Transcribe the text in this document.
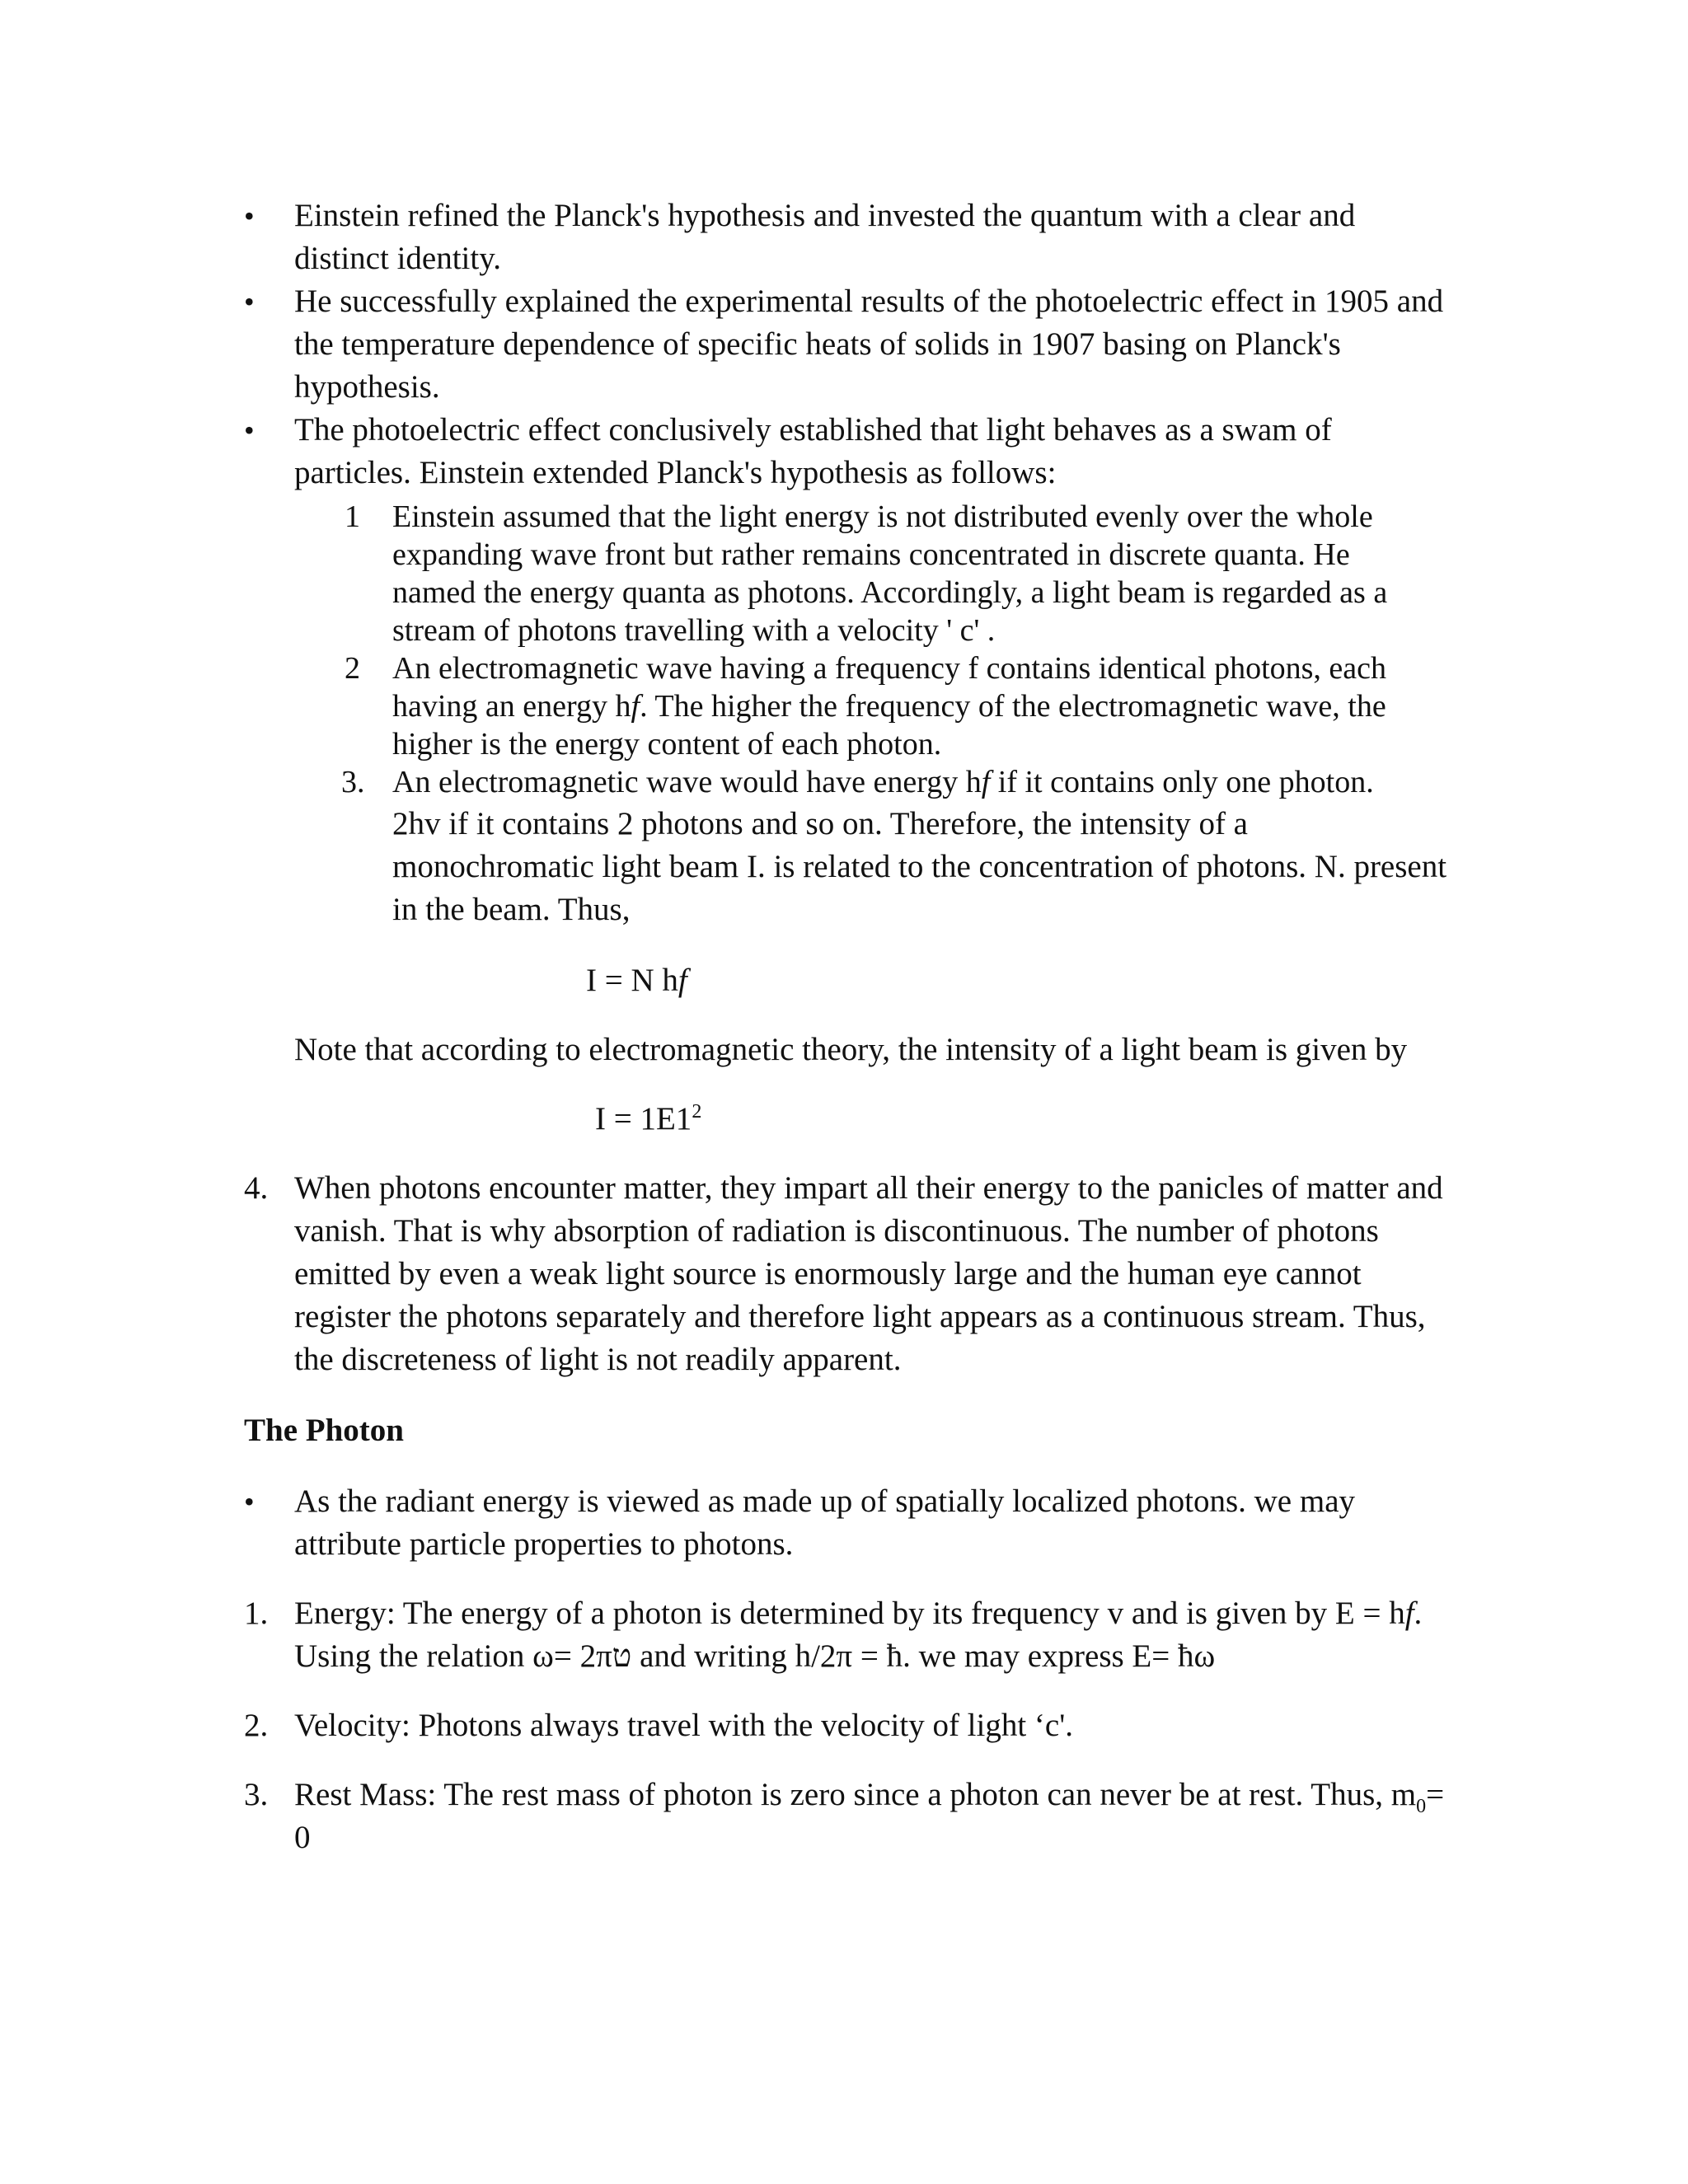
• Einstein refined the Planck's hypothesis and invested the quantum with a clear and
distinct identity.
• He successfully explained the experimental results of the photoelectric effect in 1905 and
the temperature dependence of specific heats of solids in 1907 basing on Planck's
hypothesis.
• The photoelectric effect conclusively established that light behaves as a swam of
particles. Einstein extended Planck's hypothesis as follows:
1 Einstein assumed that the light energy is not distributed evenly over the whole
expanding wave front but rather remains concentrated in discrete quanta. He
named the energy quanta as photons. Accordingly, a light beam is regarded as a
stream of photons travelling with a velocity ' c' .
2 An electromagnetic wave having a frequency f contains identical photons, each
having an energy hf. The higher the frequency of the electromagnetic wave, the
higher is the energy content of each photon.
3. An electromagnetic wave would have energy hf if it contains only one photon.
2hv if it contains 2 photons and so on. Therefore, the intensity of a
monochromatic light beam I. is related to the concentration of photons. N. present
in the beam. Thus,
I = N hf
Note that according to electromagnetic theory, the intensity of a light beam is given by
$I = 1E1^2$
4. When photons encounter matter, they impart all their energy to the panicles of matter and
vanish. That is why absorption of radiation is discontinuous. The number of photons
emitted by even a weak light source is enormously large and the human eye cannot
register the photons separately and therefore light appears as a continuous stream. Thus,
the discreteness of light is not readily apparent.
The Photon
• As the radiant energy is viewed as made up of spatially localized photons. we may
attribute particle properties to photons.
1. Energy: The energy of a photon is determined by its frequency v and is given by E = hf.
Using the relation ω= 2πט and writing h/2π = ħ. we may express E= ħω
2. Velocity: Photons always travel with the velocity of light ‘c'.
3. Rest Mass: The rest mass of photon is zero since a photon can never be at rest. Thus, $m_0=$
0
